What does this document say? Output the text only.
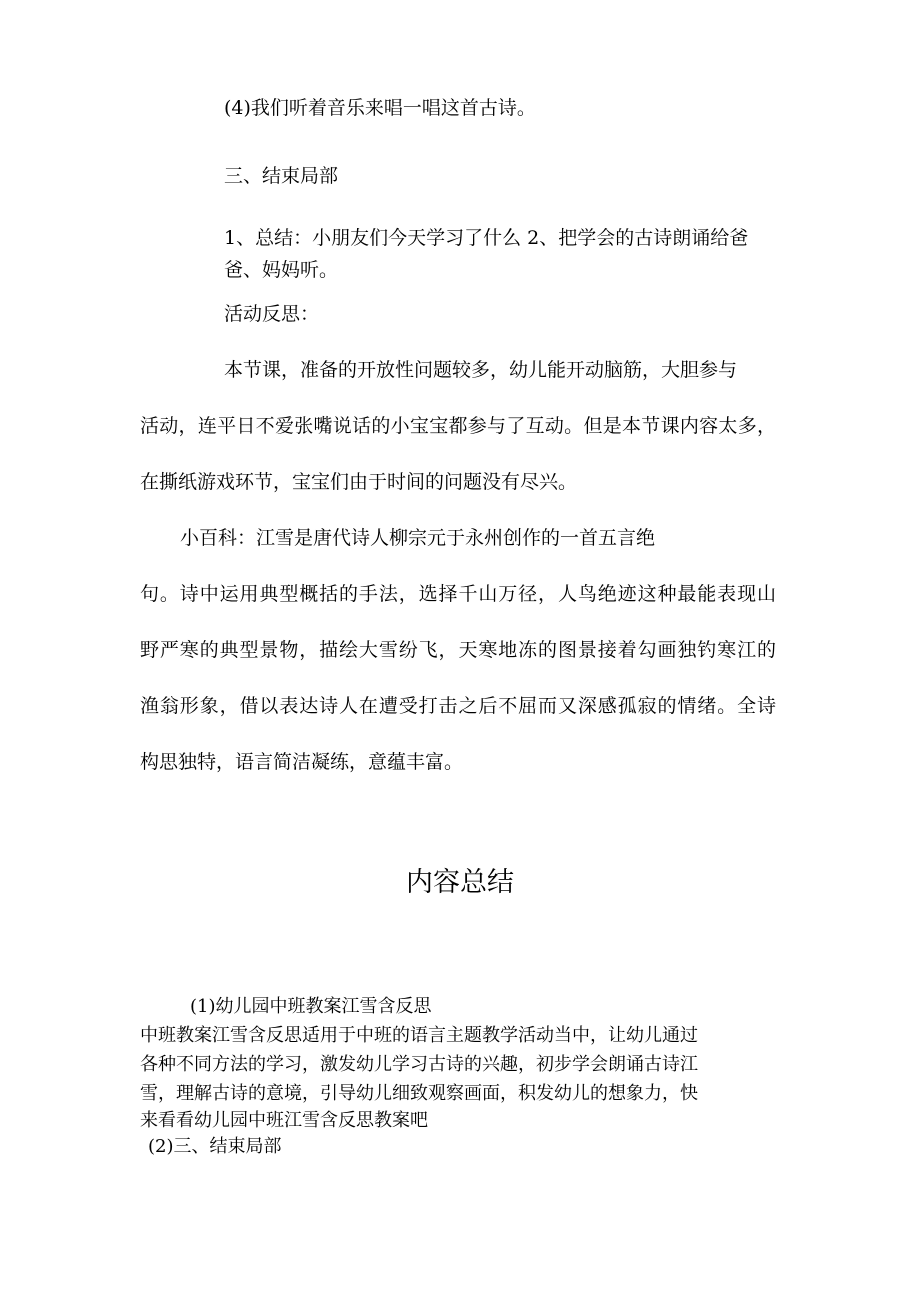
(4)我们听着音乐来唱一唱这首古诗。
三、结束局部
1、总结：小朋友们今天学习了什么 2、把学会的古诗朗诵给爸
爸、妈妈听。
活动反思：
本节课，准备的开放性问题较多，幼儿能开动脑筋，大胆参与
活动，连平日不爱张嘴说话的小宝宝都参与了互动。但是本节课内容太多，
在撕纸游戏环节，宝宝们由于时间的问题没有尽兴。
小百科：江雪是唐代诗人柳宗元于永州创作的一首五言绝
句。诗中运用典型概括的手法，选择千山万径，人鸟绝迹这种最能表现山
野严寒的典型景物，描绘大雪纷飞，天寒地冻的图景接着勾画独钓寒江的
渔翁形象，借以表达诗人在遭受打击之后不屈而又深感孤寂的情绪。全诗
构思独特，语言简洁凝练，意蕴丰富。
内容总结
(1)幼儿园中班教案江雪含反思
中班教案江雪含反思适用于中班的语言主题教学活动当中，让幼儿通过
各种不同方法的学习，激发幼儿学习古诗的兴趣，初步学会朗诵古诗江
雪，理解古诗的意境，引导幼儿细致观察画面，积发幼儿的想象力，快
来看看幼儿园中班江雪含反思教案吧
(2)三、结束局部
